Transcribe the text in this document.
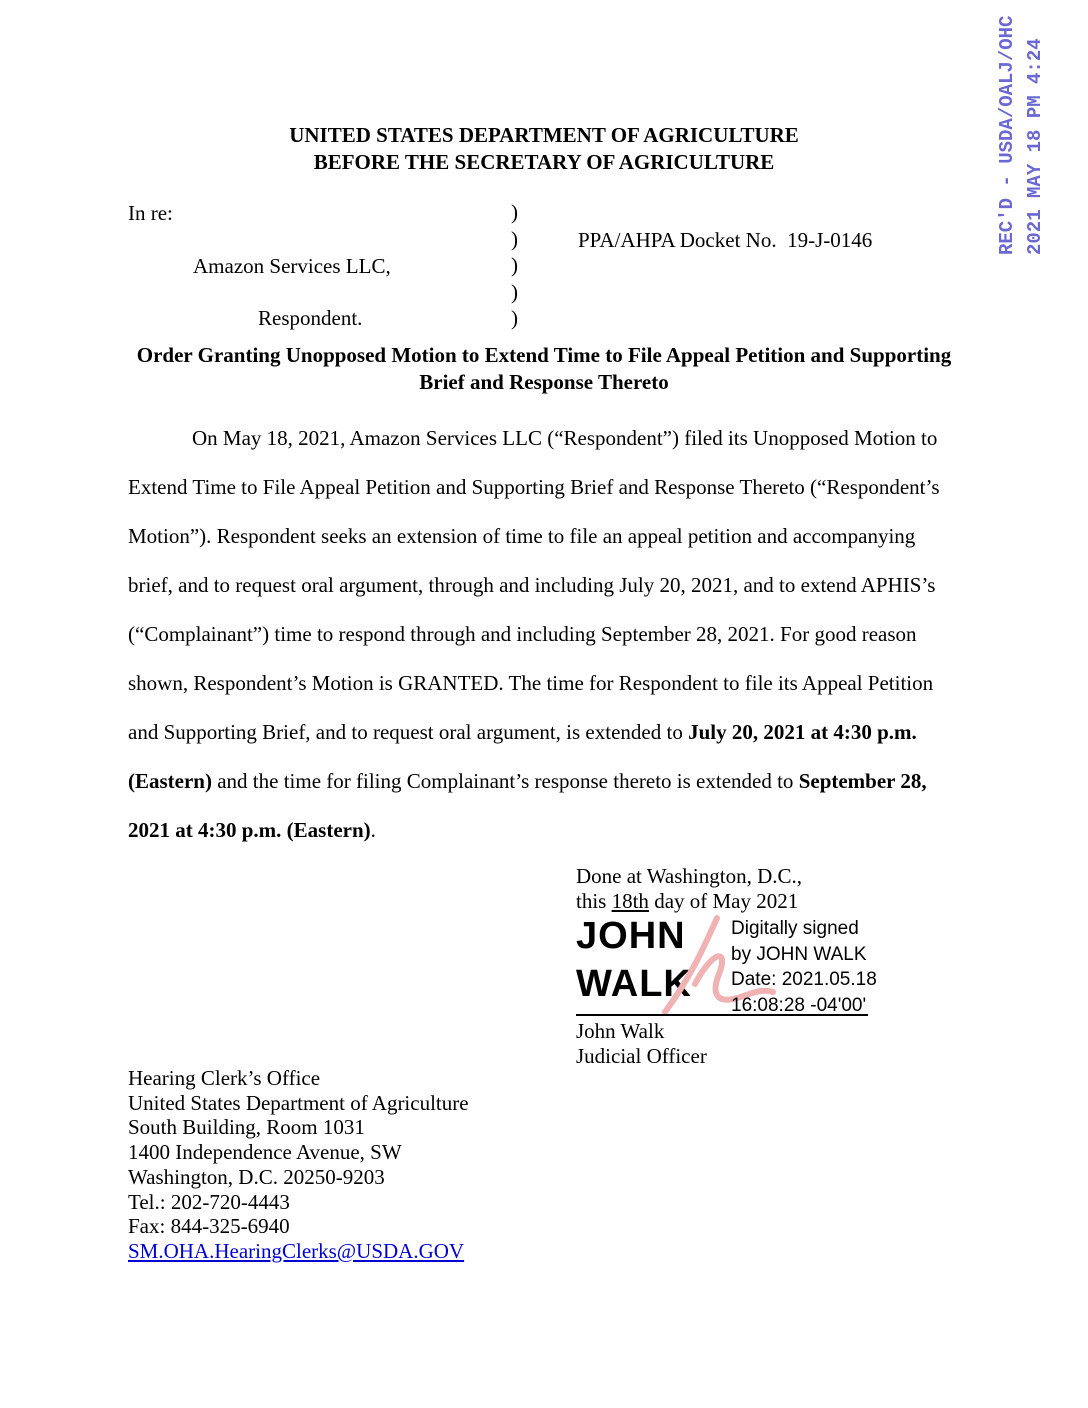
REC'D - USDA/OALJ/OHC 2021 MAY 18 PM 4:24
UNITED STATES DEPARTMENT OF AGRICULTURE
BEFORE THE SECRETARY OF AGRICULTURE
In re:	)
)
)
)
)
PPA/AHPA Docket No.  19-J-0146
Amazon Services LLC,
Respondent.
Order Granting Unopposed Motion to Extend Time to File Appeal Petition and Supporting
Brief and Response Thereto
On May 18, 2021, Amazon Services LLC (“Respondent”) filed its Unopposed Motion to Extend Time to File Appeal Petition and Supporting Brief and Response Thereto (“Respondent’s Motion”). Respondent seeks an extension of time to file an appeal petition and accompanying brief, and to request oral argument, through and including July 20, 2021, and to extend APHIS’s (“Complainant”) time to respond through and including September 28, 2021. For good reason shown, Respondent’s Motion is GRANTED. The time for Respondent to file its Appeal Petition and Supporting Brief, and to request oral argument, is extended to July 20, 2021 at 4:30 p.m. (Eastern) and the time for filing Complainant’s response thereto is extended to September 28, 2021 at 4:30 p.m. (Eastern).
Done at Washington, D.C.,
this 18th day of May 2021
JOHN
WALK
Digitally signed
by JOHN WALK
Date: 2021.05.18
16:08:28 -04'00'
John Walk
Judicial Officer
Hearing Clerk’s Office
United States Department of Agriculture
South Building, Room 1031
1400 Independence Avenue, SW
Washington, D.C. 20250-9203
Tel.: 202-720-4443
Fax: 844-325-6940
SM.OHA.HearingClerks@USDA.GOV
